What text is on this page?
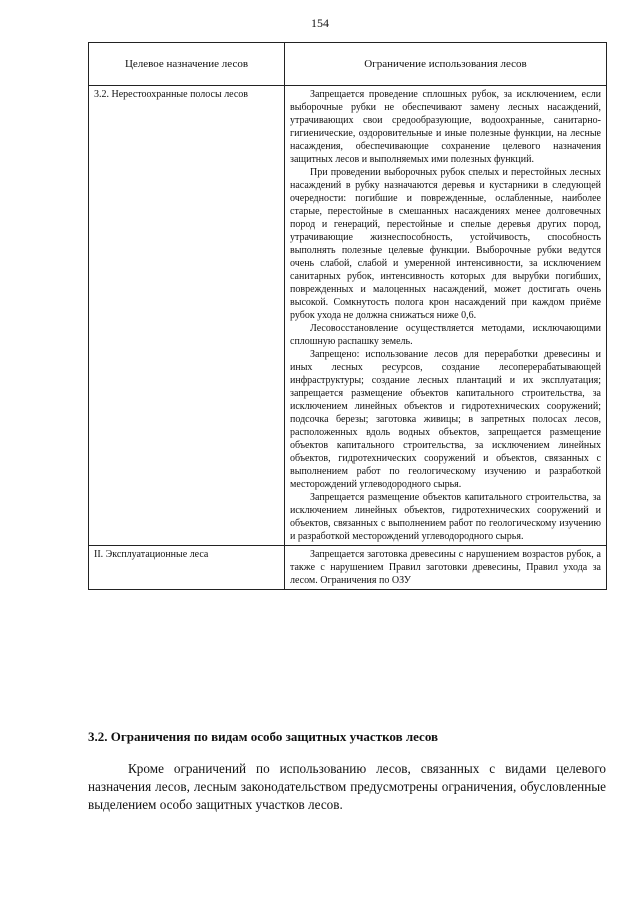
154
Целевое назначение лесов	Ограничение использования лесов
3.2. Нерестоохранные полосы лесов	Запрещается проведение сплошных рубок, за исключением, если выборочные рубки не обеспечивают замену лесных насаждений, утрачивающих свои средообразующие, водоохранные, санитарно-гигиенические, оздоровительные и иные полезные функции, на лесные насаждения, обеспечивающие сохранение целевого назначения защитных лесов и выполняемых ими полезных функций.

При проведении выборочных рубок спелых и перестойных лесных насаждений в рубку назначаются деревья и кустарники в следующей очередности: погибшие и поврежденные, ослабленные, наиболее старые, перестойные в смешанных насаждениях менее долговечных пород и генераций, перестойные и спелые деревья других пород, утрачивающие жизнеспособность, устойчивость, способность выполнять полезные целевые функции. Выборочные рубки ведутся очень слабой, слабой и умеренной интенсивности, за исключением санитарных рубок, интенсивность которых для вырубки погибших, поврежденных и малоценных насаждений, может достигать очень высокой. Сомкнутость полога крон насаждений при каждом приёме рубок ухода не должна снижаться ниже 0,6.

Лесовосстановление осуществляется методами, исключающими сплошную распашку земель.

Запрещено: использование лесов для переработки древесины и иных лесных ресурсов, создание лесоперерабатывающей инфраструктуры; создание лесных плантаций и их эксплуатация; запрещается размещение объектов капитального строительства, за исключением линейных объектов и гидротехнических сооружений; подсочка березы; заготовка живицы; в запретных полосах лесов, расположенных вдоль водных объектов, запрещается размещение объектов капитального строительства, за исключением линейных объектов, гидротехнических сооружений и объектов, связанных с выполнением работ по геологическому изучению и разработкой месторождений углеводородного сырья.

Запрещается размещение объектов капитального строительства, за исключением линейных объектов, гидротехнических сооружений и объектов, связанных с выполнением работ по геологическому изучению и разработкой месторождений углеводородного сырья.

II. Эксплуатационные леса	Запрещается заготовка древесины с нарушением возрастов рубок, а также с нарушением Правил заготовки древесины, Правил ухода за лесом. Ограничения по ОЗУ

3.2. Ограничения по видам особо защитных участков лесов

Кроме ограничений по использованию лесов, связанных с видами целевого назначения лесов, лесным законодательством предусмотрены ограничения, обусловленные выделением особо защитных участков лесов.
